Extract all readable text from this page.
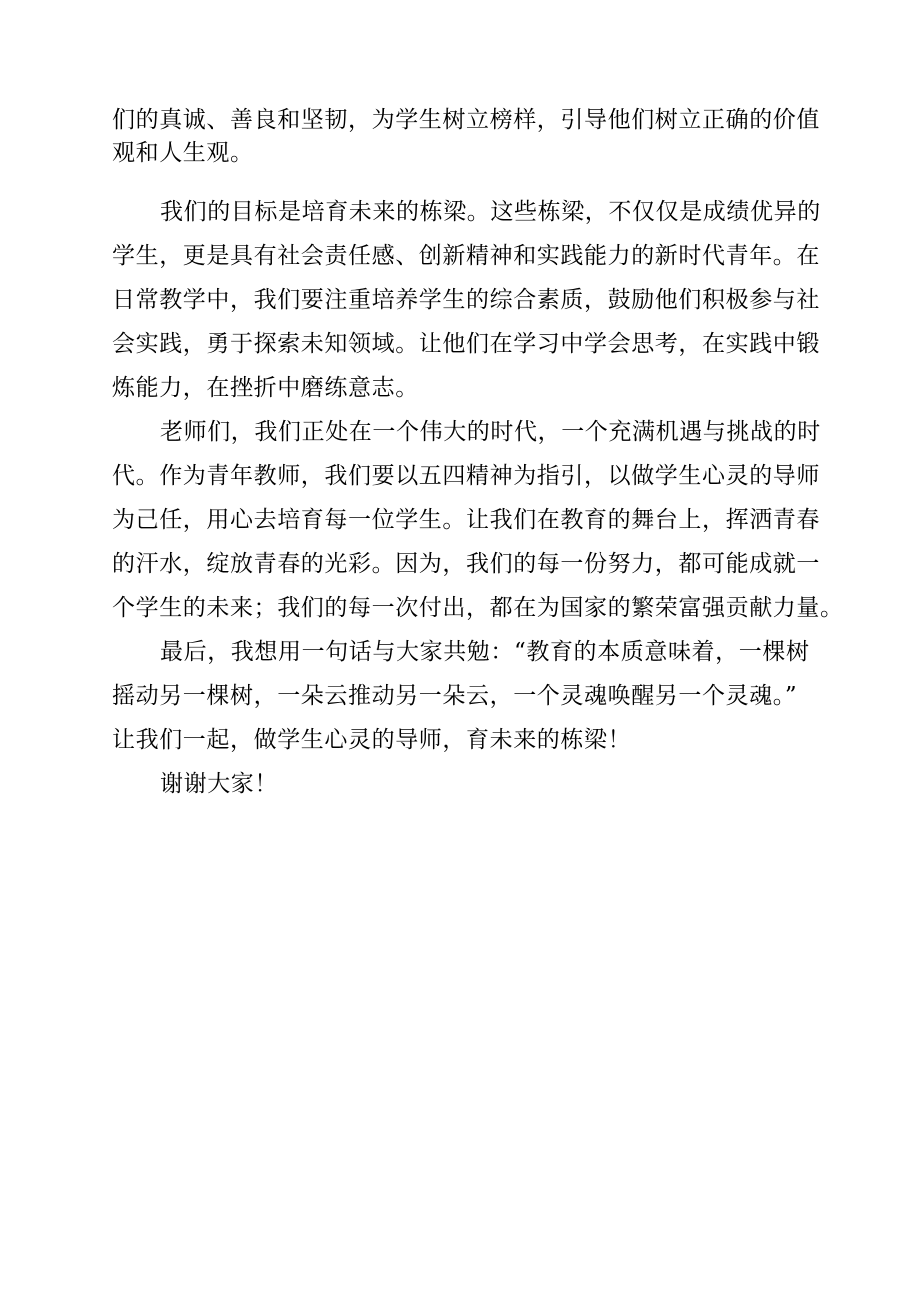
们的真诚、善良和坚韧，为学生树立榜样，引导他们树立正确的价值
观和人生观。
我们的目标是培育未来的栋梁。这些栋梁，不仅仅是成绩优异的
学生，更是具有社会责任感、创新精神和实践能力的新时代青年。在
日常教学中，我们要注重培养学生的综合素质，鼓励他们积极参与社
会实践，勇于探索未知领域。让他们在学习中学会思考，在实践中锻
炼能力，在挫折中磨练意志。
老师们，我们正处在一个伟大的时代，一个充满机遇与挑战的时
代。作为青年教师，我们要以五四精神为指引，以做学生心灵的导师
为己任，用心去培育每一位学生。让我们在教育的舞台上，挥洒青春
的汗水，绽放青春的光彩。因为，我们的每一份努力，都可能成就一
个学生的未来；我们的每一次付出，都在为国家的繁荣富强贡献力量。
最后，我想用一句话与大家共勉：“教育的本质意味着，一棵树
摇动另一棵树，一朵云推动另一朵云，一个灵魂唤醒另一个灵魂。”
让我们一起，做学生心灵的导师，育未来的栋梁！
谢谢大家！
